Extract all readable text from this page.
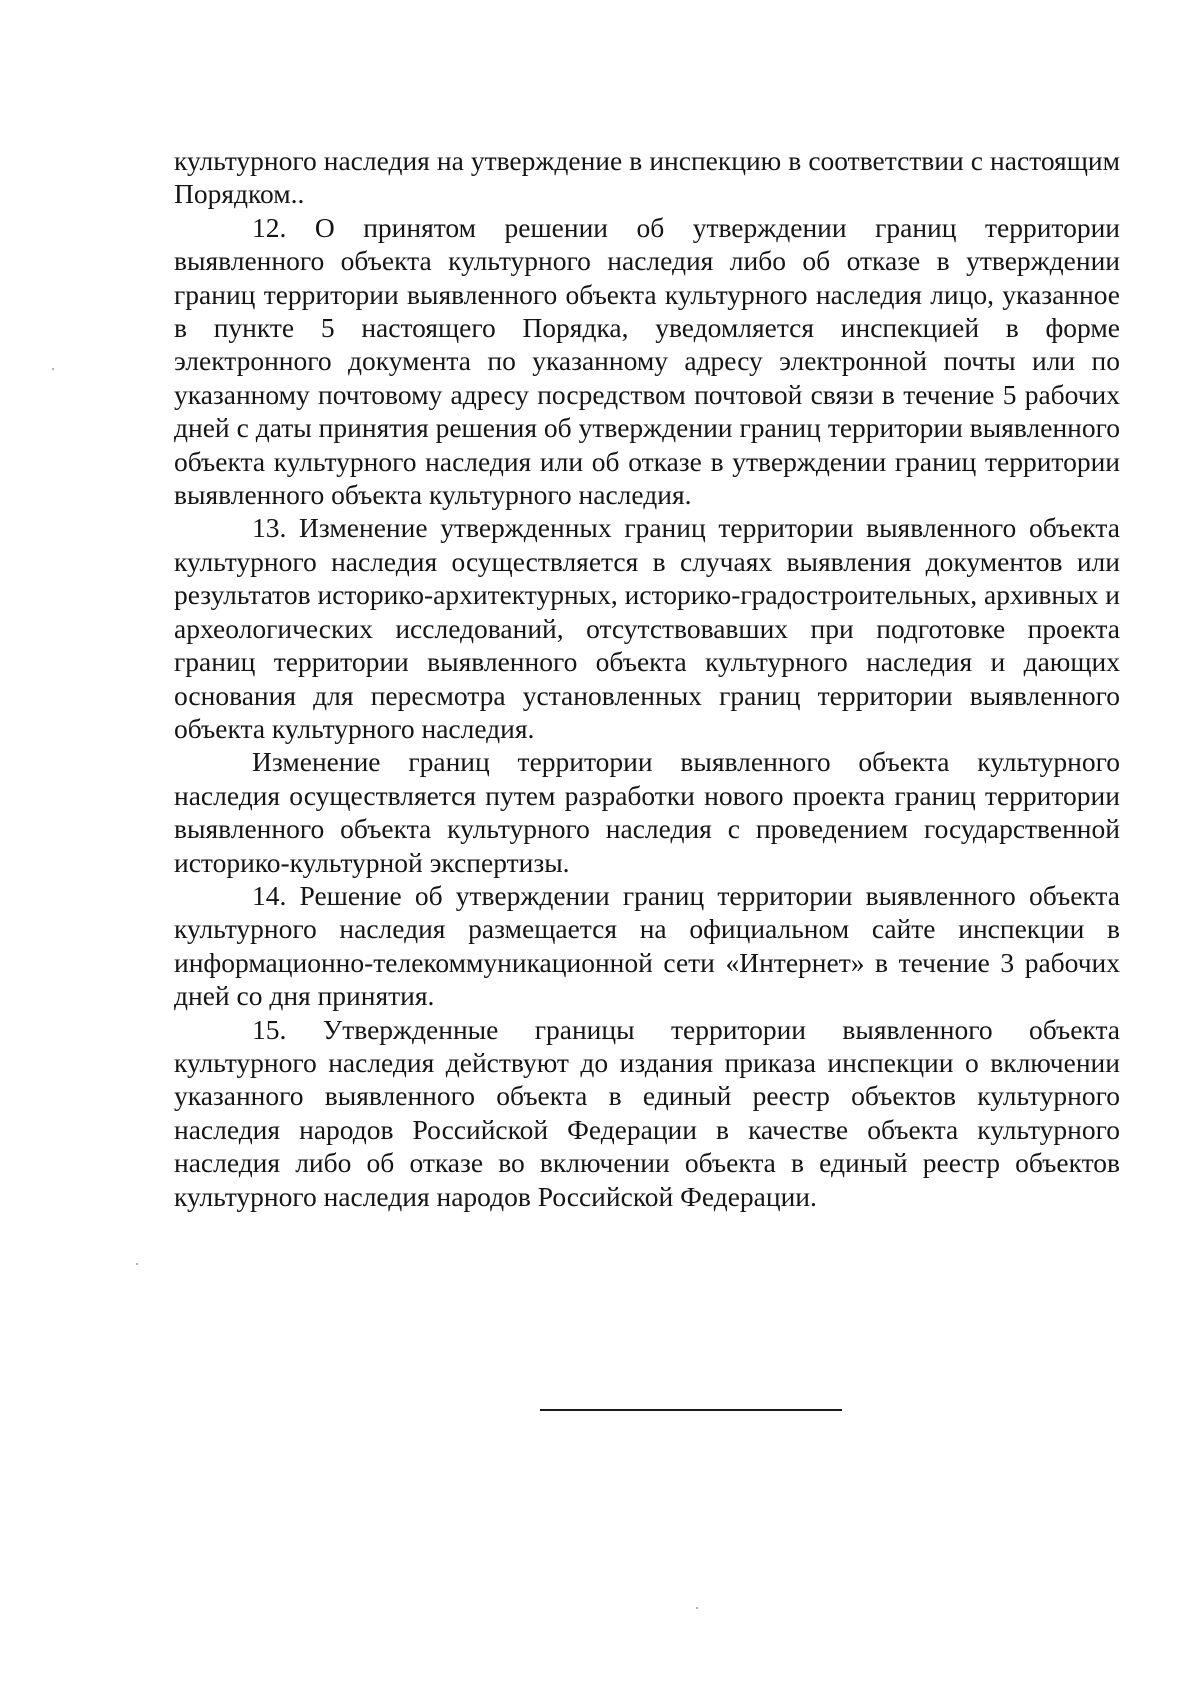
культурного наследия на утверждение в инспекцию в соответствии с настоящим Порядком..

12. О принятом решении об утверждении границ территории выявленного объекта культурного наследия либо об отказе в утверждении границ территории выявленного объекта культурного наследия лицо, указанное в пункте 5 настоящего Порядка, уведомляется инспекцией в форме электронного документа по указанному адресу электронной почты или по указанному почтовому адресу посредством почтовой связи в течение 5 рабочих дней с даты принятия решения об утверждении границ территории выявленного объекта культурного наследия или об отказе в утверждении границ территории выявленного объекта культурного наследия.

13. Изменение утвержденных границ территории выявленного объекта культурного наследия осуществляется в случаях выявления документов или результатов историко-архитектурных, историко-градостроительных, архивных и археологических исследований, отсутствовавших при подготовке проекта границ территории выявленного объекта культурного наследия и дающих основания для пересмотра установленных границ территории выявленного объекта культурного наследия.

Изменение границ территории выявленного объекта культурного наследия осуществляется путем разработки нового проекта границ территории выявленного объекта культурного наследия с проведением государственной историко-культурной экспертизы.

14. Решение об утверждении границ территории выявленного объекта культурного наследия размещается на официальном сайте инспекции в информационно-телекоммуникационной сети «Интернет» в течение 3 рабочих дней со дня принятия.

15. Утвержденные границы территории выявленного объекта культурного наследия действуют до издания приказа инспекции о включении указанного выявленного объекта в единый реестр объектов культурного наследия народов Российской Федерации в качестве объекта культурного наследия либо об отказе во включении объекта в единый реестр объектов культурного наследия народов Российской Федерации.
